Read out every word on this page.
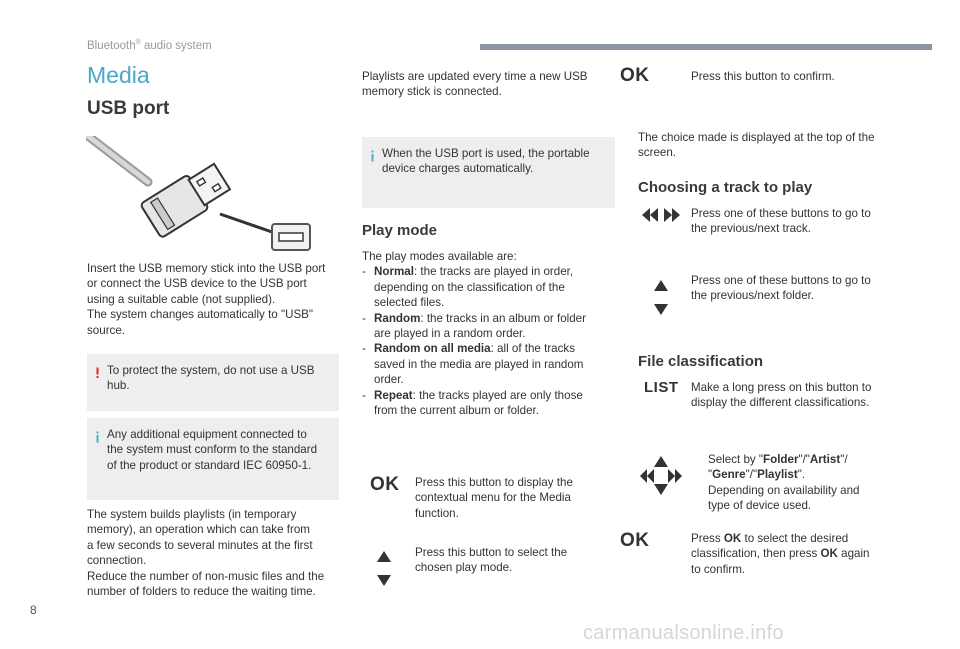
Bluetooth® audio system
Media
USB port
Insert the USB memory stick into the USB port
or connect the USB device to the USB port
using a suitable cable (not supplied).
The system changes automatically to "USB"
source.
To protect the system, do not use a USB
hub.
Any additional equipment connected to
the system must conform to the standard
of the product or standard IEC 60950-1.
The system builds playlists (in temporary
memory), an operation which can take from
a few seconds to several minutes at the first
connection.
Reduce the number of non-music files and the
number of folders to reduce the waiting time.
Playlists are updated every time a new USB
memory stick is connected.
When the USB port is used, the portable
device charges automatically.
Play mode
The play modes available are:
- Normal: the tracks are played in order,
depending on the classification of the
selected files.
- Random: the tracks in an album or folder
are played in a random order.
- Random on all media: all of the tracks
saved in the media are played in random
order.
- Repeat: the tracks played are only those
from the current album or folder.
OK Press this button to display the
contextual menu for the Media
function.
Press this button to select the
chosen play mode.
OK	Press this button to confirm.
The choice made is displayed at the top of the
screen.
Choosing a track to play
Press one of these buttons to go to
the previous/next track.
Press one of these buttons to go to
the previous/next folder.
File classification
LIST Make a long press on this button to
display the different classifications.
Select by "Folder"/"Artist"/
"Genre"/"Playlist".
Depending on availability and
type of device used.
OK	Press OK to select the desired
classification, then press OK again
to confirm.
8
carmanualsonline.info
